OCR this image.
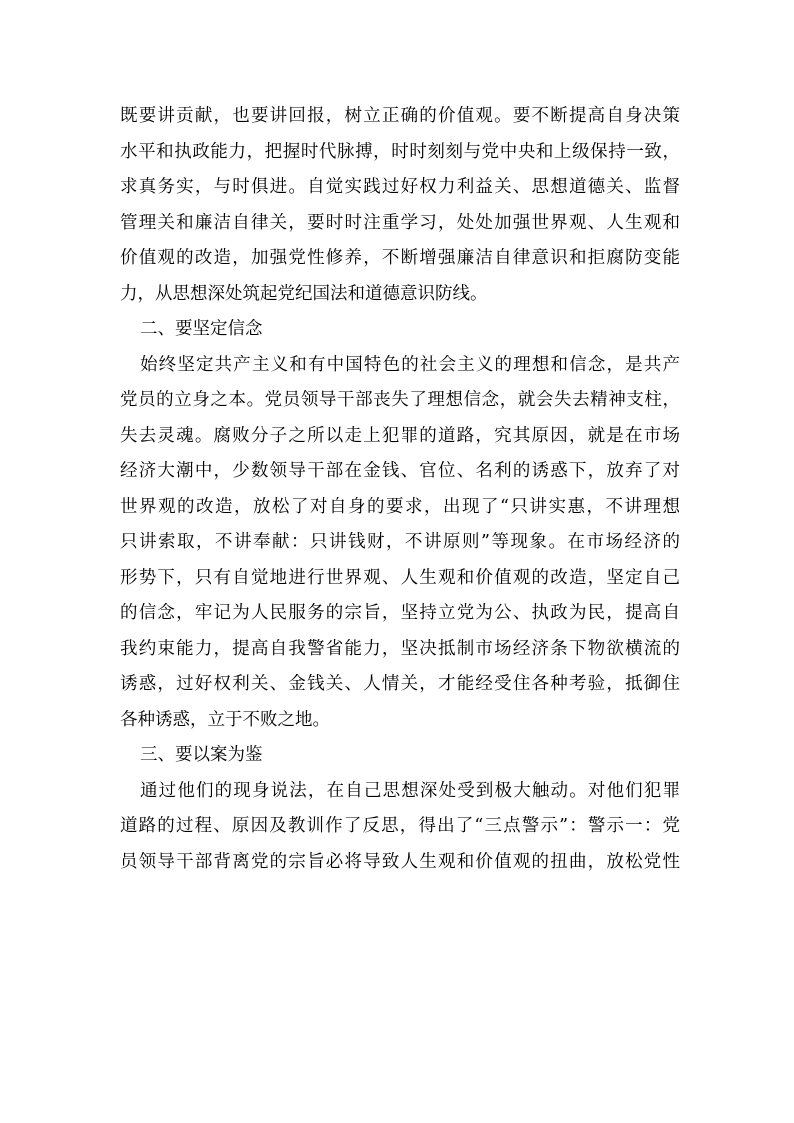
既要讲贡献，也要讲回报，树立正确的价值观。要不断提高自身决策
水平和执政能力，把握时代脉搏，时时刻刻与党中央和上级保持一致，
求真务实，与时俱进。自觉实践过好权力利益关、思想道德关、监督
管理关和廉洁自律关，要时时注重学习，处处加强世界观、人生观和
价值观的改造，加强党性修养，不断增强廉洁自律意识和拒腐防变能
力，从思想深处筑起党纪国法和道德意识防线。
二、要坚定信念
始终坚定共产主义和有中国特色的社会主义的理想和信念，是共产
党员的立身之本。党员领导干部丧失了理想信念，就会失去精神支柱，
失去灵魂。腐败分子之所以走上犯罪的道路，究其原因，就是在市场
经济大潮中，少数领导干部在金钱、官位、名利的诱惑下，放弃了对
世界观的改造，放松了对自身的要求，出现了“只讲实惠，不讲理想
只讲索取，不讲奉献：只讲钱财，不讲原则”等现象。在市场经济的
形势下，只有自觉地进行世界观、人生观和价值观的改造，坚定自己
的信念，牢记为人民服务的宗旨，坚持立党为公、执政为民，提高自
我约束能力，提高自我警省能力，坚决抵制市场经济条下物欲横流的
诱惑，过好权利关、金钱关、人情关，才能经受住各种考验，抵御住
各种诱惑，立于不败之地。
三、要以案为鉴
通过他们的现身说法，在自己思想深处受到极大触动。对他们犯罪
道路的过程、原因及教训作了反思，得出了“三点警示”：警示一：党
员领导干部背离党的宗旨必将导致人生观和价值观的扭曲，放松党性
